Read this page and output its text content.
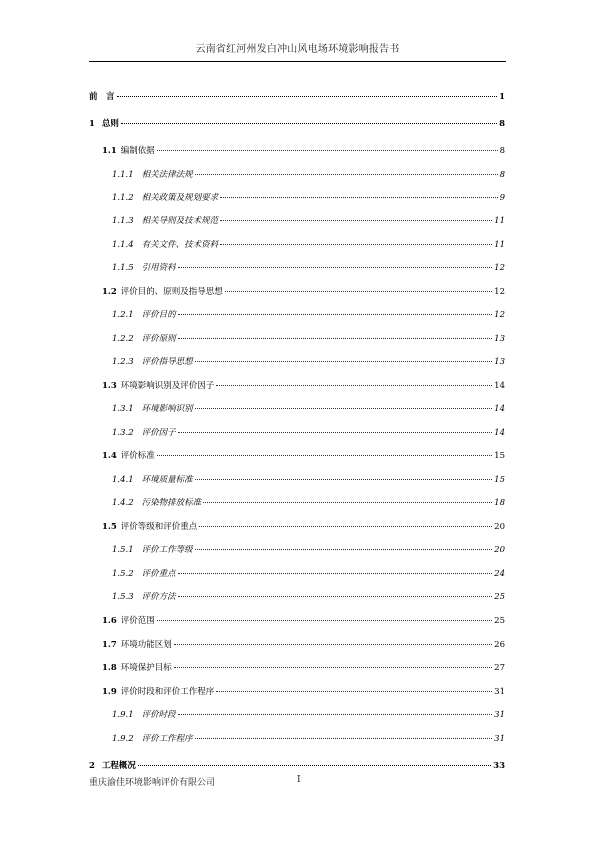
云南省红河州发白冲山风电场环境影响报告书
前　言	1
1 总则	8
1.1 编制依据	8
1.1.1 相关法律法规	8
1.1.2 相关政策及规划要求	9
1.1.3 相关导则及技术规范	11
1.1.4 有关文件、技术资料	11
1.1.5 引用资料	12
1.2 评价目的、原则及指导思想	12
1.2.1 评价目的	12
1.2.2 评价原则	13
1.2.3 评价指导思想	13
1.3 环境影响识别及评价因子	14
1.3.1 环境影响识别	14
1.3.2 评价因子	14
1.4 评价标准	15
1.4.1 环境质量标准	15
1.4.2 污染物排放标准	18
1.5 评价等级和评价重点	20
1.5.1 评价工作等级	20
1.5.2 评价重点	24
1.5.3 评价方法	25
1.6 评价范围	25
1.7 环境功能区划	26
1.8 环境保护目标	27
1.9 评价时段和评价工作程序	31
1.9.1 评价时段	31
1.9.2 评价工作程序	31
2 工程概况	33
重庆渝佳环境影响评价有限公司	I
